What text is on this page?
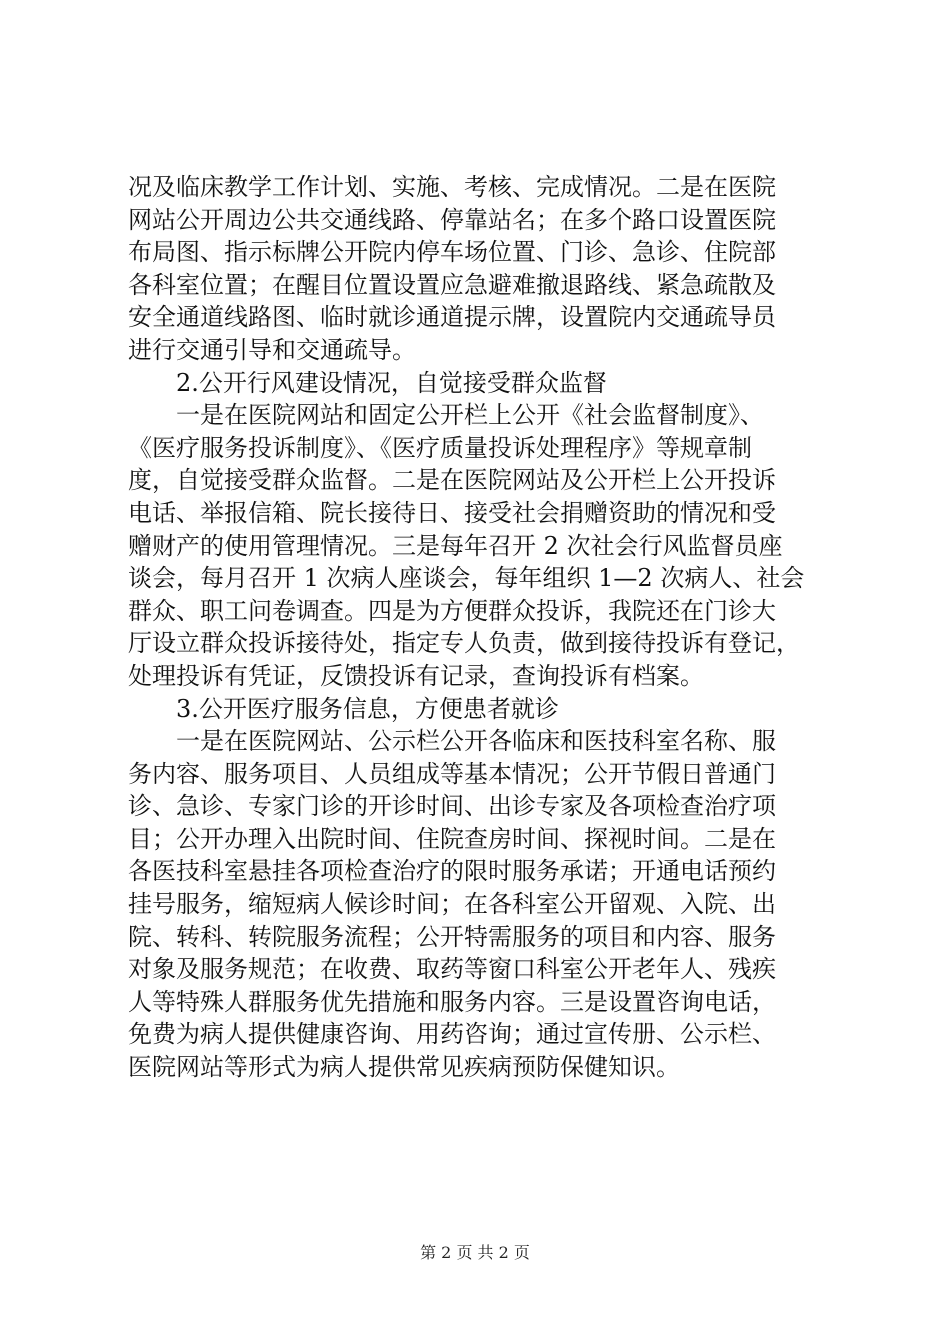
况及临床教学工作计划、实施、考核、完成情况。二是在医院
网站公开周边公共交通线路、停靠站名；在多个路口设置医院
布局图、指示标牌公开院内停车场位置、门诊、急诊、住院部
各科室位置；在醒目位置设置应急避难撤退路线、紧急疏散及
安全通道线路图、临时就诊通道提示牌，设置院内交通疏导员
进行交通引导和交通疏导。
2.公开行风建设情况，自觉接受群众监督
一是在医院网站和固定公开栏上公开《社会监督制度》、
《医疗服务投诉制度》、《医疗质量投诉处理程序》等规章制
度，自觉接受群众监督。二是在医院网站及公开栏上公开投诉
电话、举报信箱、院长接待日、接受社会捐赠资助的情况和受
赠财产的使用管理情况。三是每年召开 2 次社会行风监督员座
谈会，每月召开 1 次病人座谈会，每年组织 1—2 次病人、社会
群众、职工问卷调查。四是为方便群众投诉，我院还在门诊大
厅设立群众投诉接待处，指定专人负责，做到接待投诉有登记，
处理投诉有凭证，反馈投诉有记录，查询投诉有档案。
3.公开医疗服务信息，方便患者就诊
一是在医院网站、公示栏公开各临床和医技科室名称、服
务内容、服务项目、人员组成等基本情况；公开节假日普通门
诊、急诊、专家门诊的开诊时间、出诊专家及各项检查治疗项
目；公开办理入出院时间、住院查房时间、探视时间。二是在
各医技科室悬挂各项检查治疗的限时服务承诺；开通电话预约
挂号服务，缩短病人候诊时间；在各科室公开留观、入院、出
院、转科、转院服务流程；公开特需服务的项目和内容、服务
对象及服务规范；在收费、取药等窗口科室公开老年人、残疾
人等特殊人群服务优先措施和服务内容。三是设置咨询电话，
免费为病人提供健康咨询、用药咨询；通过宣传册、公示栏、
医院网站等形式为病人提供常见疾病预防保健知识。
第 2 页 共 2 页
